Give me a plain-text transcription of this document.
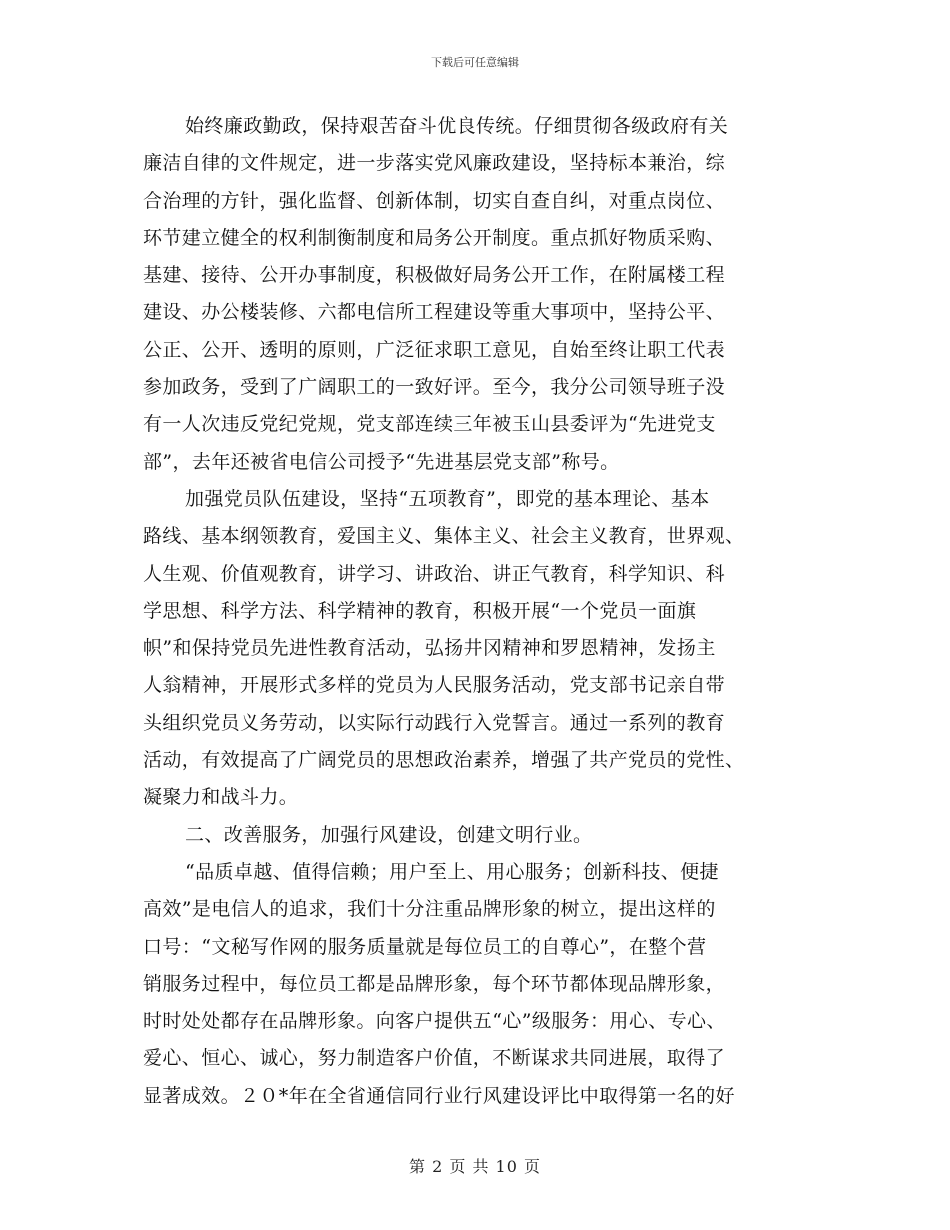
下载后可任意编辑
始终廉政勤政，保持艰苦奋斗优良传统。仔细贯彻各级政府有关
廉洁自律的文件规定，进一步落实党风廉政建设，坚持标本兼治，综
合治理的方针，强化监督、创新体制，切实自查自纠，对重点岗位、
环节建立健全的权利制衡制度和局务公开制度。重点抓好物质采购、
基建、接待、公开办事制度，积极做好局务公开工作，在附属楼工程
建设、办公楼装修、六都电信所工程建设等重大事项中，坚持公平、
公正、公开、透明的原则，广泛征求职工意见，自始至终让职工代表
参加政务，受到了广阔职工的一致好评。至今，我分公司领导班子没
有一人次违反党纪党规，党支部连续三年被玉山县委评为“先进党支
部”，去年还被省电信公司授予“先进基层党支部”称号。
加强党员队伍建设，坚持“五项教育”，即党的基本理论、基本
路线、基本纲领教育，爱国主义、集体主义、社会主义教育，世界观、
人生观、价值观教育，讲学习、讲政治、讲正气教育，科学知识、科
学思想、科学方法、科学精神的教育，积极开展“一个党员一面旗
帜”和保持党员先进性教育活动，弘扬井冈精神和罗恩精神，发扬主
人翁精神，开展形式多样的党员为人民服务活动，党支部书记亲自带
头组织党员义务劳动，以实际行动践行入党誓言。通过一系列的教育
活动，有效提高了广阔党员的思想政治素养，增强了共产党员的党性、
凝聚力和战斗力。
二、改善服务，加强行风建设，创建文明行业。
“品质卓越、值得信赖；用户至上、用心服务；创新科技、便捷
高效”是电信人的追求，我们十分注重品牌形象的树立，提出这样的
口号：“文秘写作网的服务质量就是每位员工的自尊心”，在整个营
销服务过程中，每位员工都是品牌形象，每个环节都体现品牌形象，
时时处处都存在品牌形象。向客户提供五“心”级服务：用心、专心、
爱心、恒心、诚心，努力制造客户价值，不断谋求共同进展，取得了
显著成效。２０*年在全省通信同行业行风建设评比中取得第一名的好
第 2 页 共 10 页
